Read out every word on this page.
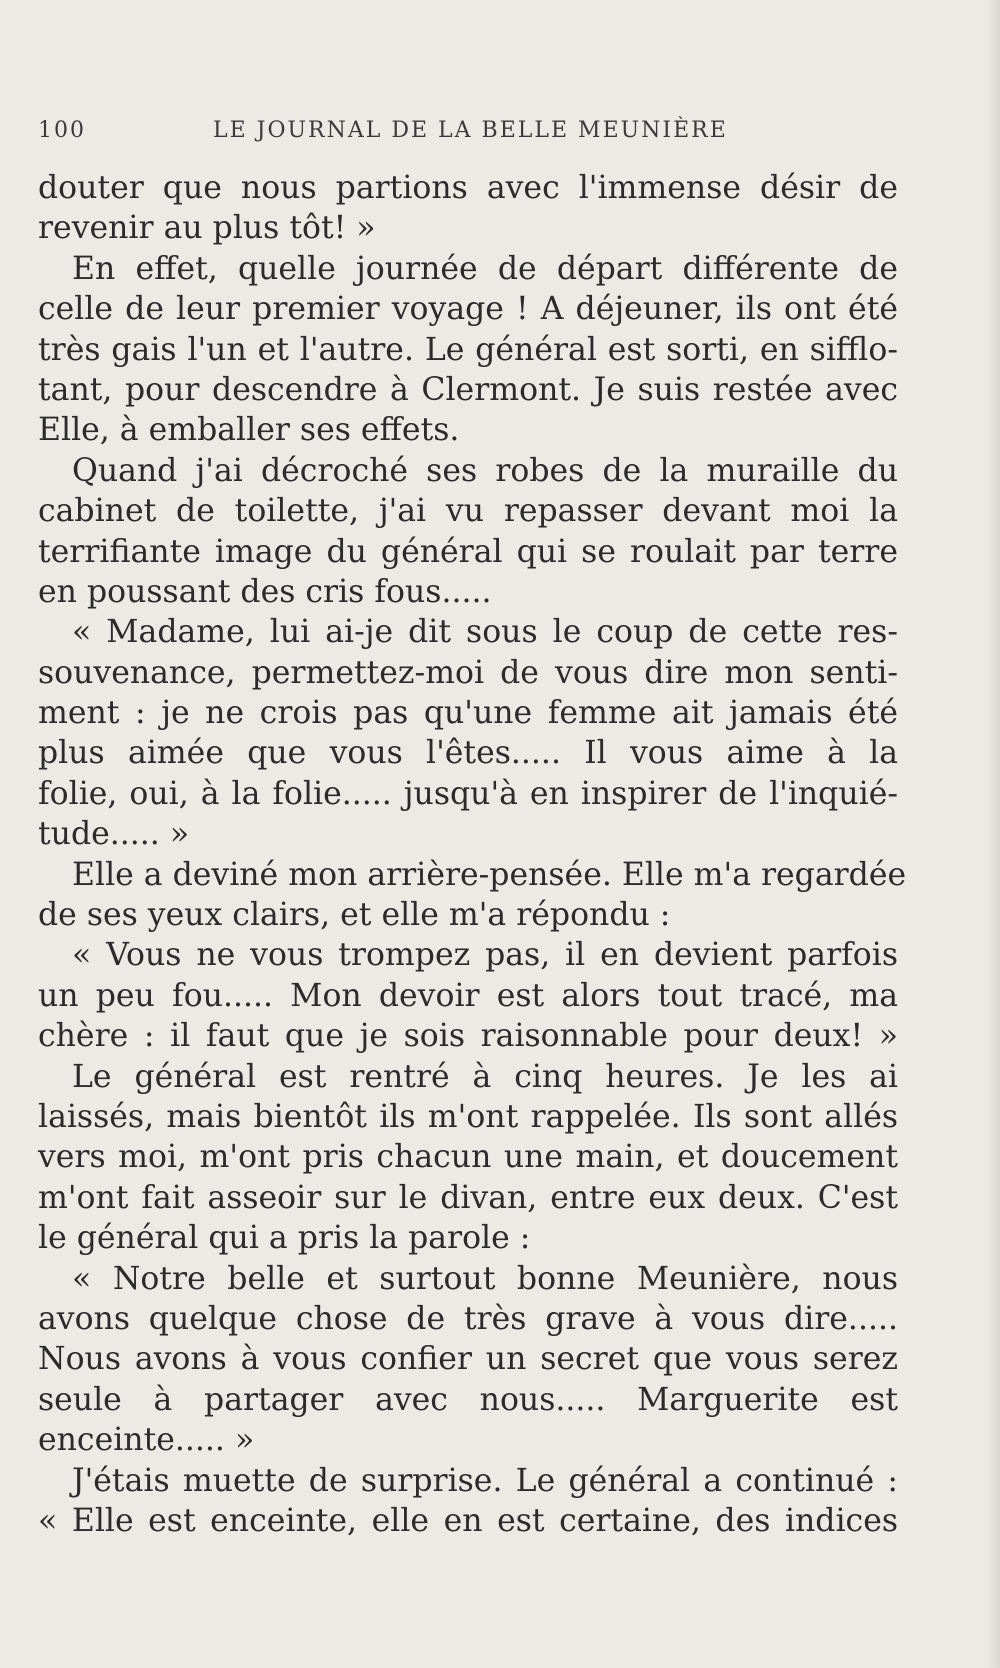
100	LE JOURNAL DE LA BELLE MEUNIÈRE
douter que nous partions avec l'immense désir de
revenir au plus tôt! »
En effet, quelle journée de départ différente de
celle de leur premier voyage ! A déjeuner, ils ont été
très gais l'un et l'autre. Le général est sorti, en sifflo-
tant, pour descendre à Clermont. Je suis restée avec
Elle, à emballer ses effets.
Quand j'ai décroché ses robes de la muraille du
cabinet de toilette, j'ai vu repasser devant moi la
terrifiante image du général qui se roulait par terre
en poussant des cris fous.....
« Madame, lui ai-je dit sous le coup de cette res-
souvenance, permettez-moi de vous dire mon senti-
ment : je ne crois pas qu'une femme ait jamais été
plus aimée que vous l'êtes..... Il vous aime à la
folie, oui, à la folie..... jusqu'à en inspirer de l'inquié-
tude..... »
Elle a deviné mon arrière-pensée. Elle m'a regardée
de ses yeux clairs, et elle m'a répondu :
« Vous ne vous trompez pas, il en devient parfois
un peu fou..... Mon devoir est alors tout tracé, ma
chère : il faut que je sois raisonnable pour deux! »
Le général est rentré à cinq heures. Je les ai
laissés, mais bientôt ils m'ont rappelée. Ils sont allés
vers moi, m'ont pris chacun une main, et doucement
m'ont fait asseoir sur le divan, entre eux deux. C'est
le général qui a pris la parole :
« Notre belle et surtout bonne Meunière, nous
avons quelque chose de très grave à vous dire.....
Nous avons à vous confier un secret que vous serez
seule à partager avec nous..... Marguerite est
enceinte..... »
J'étais muette de surprise. Le général a continué :
« Elle est enceinte, elle en est certaine, des indices
